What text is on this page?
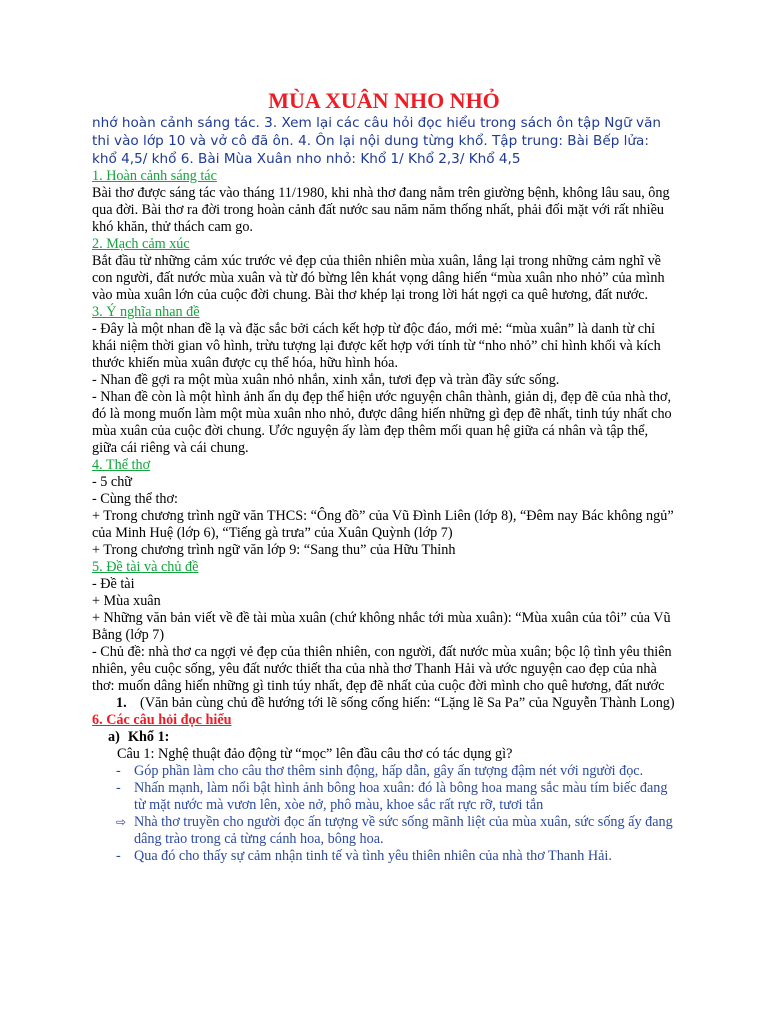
MÙA XUÂN NHO NHỎ

nhớ hoàn cảnh sáng tác. 3. Xem lại các câu hỏi đọc hiểu trong sách ôn tập Ngữ văn thi vào lớp 10 và vở cô đã ôn. 4. Ôn lại nội dung từng khổ. Tập trung: Bài Bếp lửa: khổ 4,5/ khổ 6. Bài Mùa Xuân nho nhỏ: Khổ 1/ Khổ 2,3/ Khổ 4,5

1. Hoàn cảnh sáng tác
Bài thơ được sáng tác vào tháng 11/1980, khi nhà thơ đang nằm trên giường bệnh, không lâu sau, ông qua đời. Bài thơ ra đời trong hoàn cảnh đất nước sau năm năm thống nhất, phải đối mặt với rất nhiều khó khăn, thử thách cam go.
2. Mạch cảm xúc
Bắt đầu từ những cảm xúc trước vẻ đẹp của thiên nhiên mùa xuân, lắng lại trong những cảm nghĩ về con người, đất nước mùa xuân và từ đó bừng lên khát vọng dâng hiến “mùa xuân nho nhỏ” của mình vào mùa xuân lớn của cuộc đời chung. Bài thơ khép lại trong lời hát ngợi ca quê hương, đất nước.
3. Ý nghĩa nhan đề
- Đây là một nhan đề lạ và đặc sắc bởi cách kết hợp từ độc đáo, mới mẻ: “mùa xuân” là danh từ chỉ khái niệm thời gian vô hình, trừu tượng lại được kết hợp với tính từ “nho nhỏ” chỉ hình khối và kích thước khiến mùa xuân được cụ thể hóa, hữu hình hóa.
- Nhan đề gợi ra một mùa xuân nhỏ nhắn, xinh xắn, tươi đẹp và tràn đầy sức sống.
- Nhan đề còn là một hình ảnh ẩn dụ đẹp thể hiện ước nguyện chân thành, giản dị, đẹp đẽ của nhà thơ, đó là mong muốn làm một mùa xuân nho nhỏ, được dâng hiến những gì đẹp đẽ nhất, tinh túy nhất cho mùa xuân của cuộc đời chung. Ước nguyện ấy làm đẹp thêm mối quan hệ giữa cá nhân và tập thể, giữa cái riêng và cái chung.
4. Thể thơ
- 5 chữ
- Cùng thể thơ:
+ Trong chương trình ngữ văn THCS: “Ông đồ” của Vũ Đình Liên (lớp 8), “Đêm nay Bác không ngủ” của Minh Huệ (lớp 6), “Tiếng gà trưa” của Xuân Quỳnh (lớp 7)
+ Trong chương trình ngữ văn lớp 9: “Sang thu” của Hữu Thỉnh
5. Đề tài và chủ đề
- Đề tài
+ Mùa xuân
+ Những văn bản viết về đề tài mùa xuân (chứ không nhắc tới mùa xuân): “Mùa xuân của tôi” của Vũ Bằng (lớp 7)
- Chủ đề: nhà thơ ca ngợi vẻ đẹp của thiên nhiên, con người, đất nước mùa xuân; bộc lộ tình yêu thiên nhiên, yêu cuộc sống, yêu đất nước thiết tha của nhà thơ Thanh Hải và ước nguyện cao đẹp của nhà thơ: muốn dâng hiến những gì tinh túy nhất, đẹp đẽ nhất của cuộc đời mình cho quê hương, đất nước
1. (Văn bản cùng chủ đề hướng tới lẽ sống cống hiến: “Lặng lẽ Sa Pa” của Nguyễn Thành Long)
6. Các câu hỏi đọc hiểu
a) Khổ 1:
Câu 1: Nghệ thuật đảo động từ “mọc” lên đầu câu thơ có tác dụng gì?
- Góp phần làm cho câu thơ thêm sinh động, hấp dẫn, gây ấn tượng đậm nét với người đọc.
- Nhấn mạnh, làm nổi bật hình ảnh bông hoa xuân: đó là bông hoa mang sắc màu tím biếc đang từ mặt nước mà vươn lên, xòe nở, phô màu, khoe sắc rất rực rỡ, tươi tắn
⇨ Nhà thơ truyền cho người đọc ấn tượng về sức sống mãnh liệt của mùa xuân, sức sống ấy đang dâng trào trong cả từng cánh hoa, bông hoa.
- Qua đó cho thấy sự cảm nhận tinh tế và tình yêu thiên nhiên của nhà thơ Thanh Hải.
